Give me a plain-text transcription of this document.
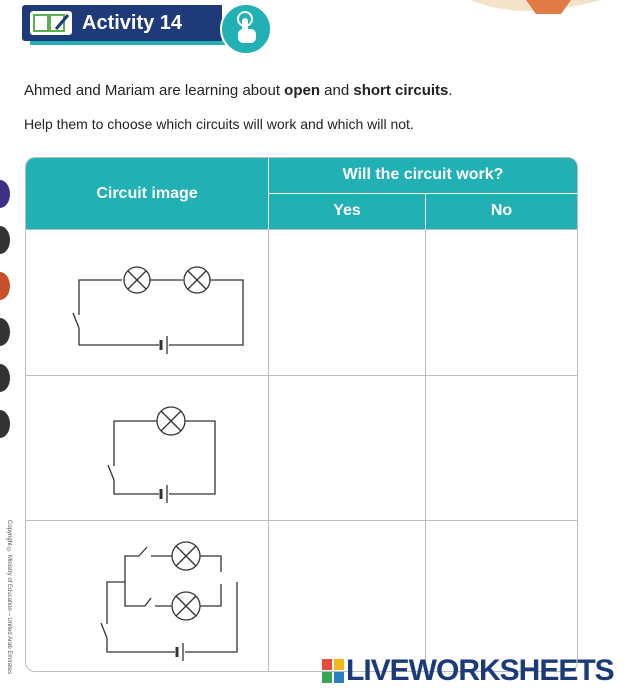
Activity 14
Ahmed and Mariam are learning about open and short circuits.
Help them to choose which circuits will work and which will not.
Copyright © Ministry of Education – United Arab Emirates
Circuit image	Will the circuit work?	
	Yes	No

LIVEWORKSHEETS
